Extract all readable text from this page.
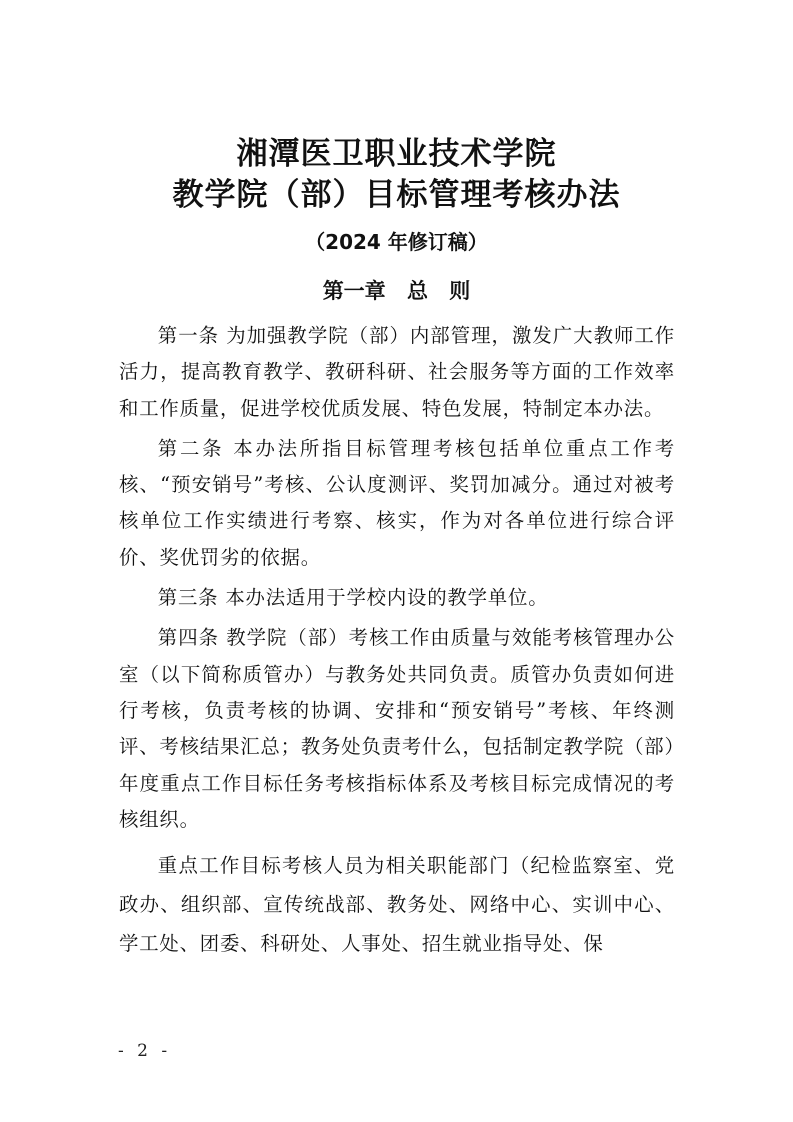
湘潭医卫职业技术学院
教学院（部）目标管理考核办法
（2024 年修订稿）
第一章 总 则

第一条 为加强教学院（部）内部管理，激发广大教师工作活力，提高教育教学、教研科研、社会服务等方面的工作效率和工作质量，促进学校优质发展、特色发展，特制定本办法。

第二条 本办法所指目标管理考核包括单位重点工作考核、“预安销号”考核、公认度测评、奖罚加减分。通过对被考核单位工作实绩进行考察、核实，作为对各单位进行综合评价、奖优罚劣的依据。

第三条 本办法适用于学校内设的教学单位。

第四条 教学院（部）考核工作由质量与效能考核管理办公室（以下简称质管办）与教务处共同负责。质管办负责如何进行考核，负责考核的协调、安排和“预安销号”考核、年终测评、考核结果汇总；教务处负责考什么，包括制定教学院（部）年度重点工作目标任务考核指标体系及考核目标完成情况的考核组织。

重点工作目标考核人员为相关职能部门（纪检监察室、党政办、组织部、宣传统战部、教务处、网络中心、实训中心、学工处、团委、科研处、人事处、招生就业指导处、保

- 2 -
